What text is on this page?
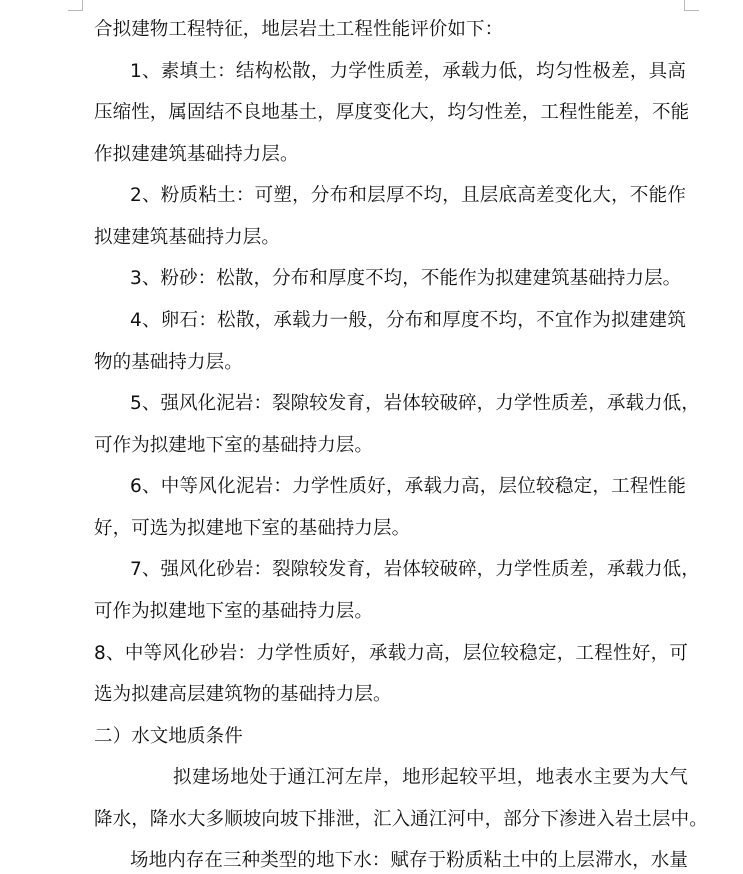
合拟建物工程特征，地层岩土工程性能评价如下：
1、素填土：结构松散，力学性质差，承载力低，均匀性极差，具高
压缩性，属固结不良地基土，厚度变化大，均匀性差，工程性能差，不能
作拟建建筑基础持力层。
2、粉质粘土：可塑，分布和层厚不均，且层底高差变化大，不能作
拟建建筑基础持力层。
3、粉砂：松散，分布和厚度不均，不能作为拟建建筑基础持力层。
4、卵石：松散，承载力一般，分布和厚度不均，不宜作为拟建建筑
物的基础持力层。
5、强风化泥岩：裂隙较发育，岩体较破碎，力学性质差，承载力低，
可作为拟建地下室的基础持力层。
6、中等风化泥岩：力学性质好，承载力高，层位较稳定，工程性能
好，可选为拟建地下室的基础持力层。
7、强风化砂岩：裂隙较发育，岩体较破碎，力学性质差，承载力低，
可作为拟建地下室的基础持力层。
8、中等风化砂岩：力学性质好，承载力高，层位较稳定，工程性好，可
选为拟建高层建筑物的基础持力层。
二）水文地质条件
拟建场地处于通江河左岸，地形起较平坦，地表水主要为大气
降水，降水大多顺坡向坡下排泄，汇入通江河中，部分下渗进入岩土层中。
场地内存在三种类型的地下水：赋存于粉质粘土中的上层滞水，水量
